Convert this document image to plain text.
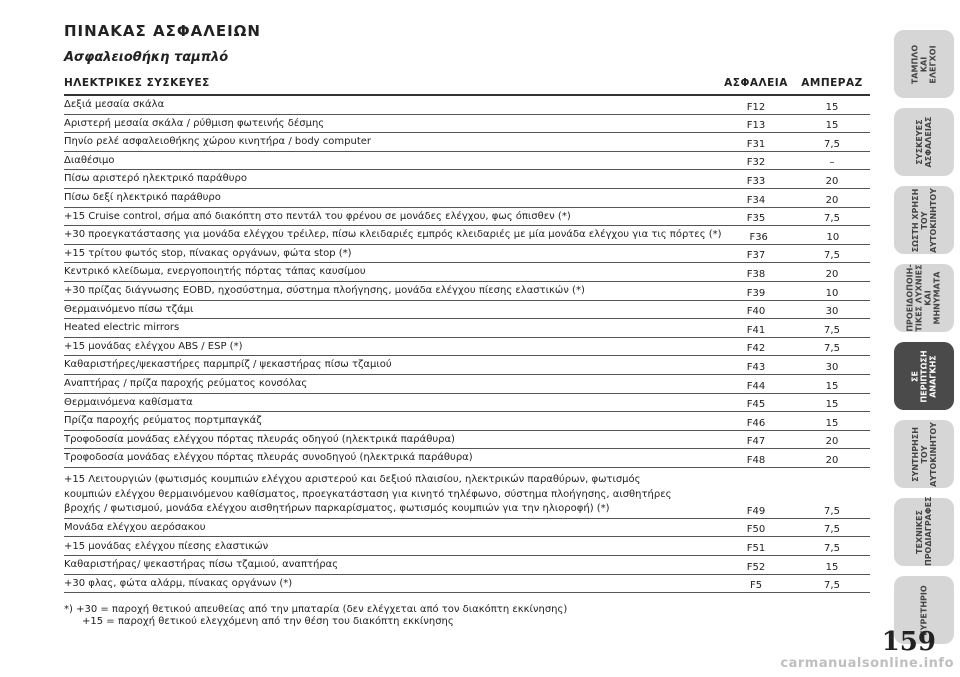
ΠΙΝΑΚΑΣ ΑΣΦΑΛΕΙΩΝ
Ασφαλειοθήκη ταμπλό
ΗΛΕΚΤΡΙΚΕΣ ΣΥΣΚΕΥΕΣ	ΑΣΦΑΛΕΙΑ	ΑΜΠΕΡΑΖ
Δεξιά μεσαία σκάλα	F12	15
Αριστερή μεσαία σκάλα / ρύθμιση φωτεινής δέσμης	F13	15
Πηνίο ρελέ ασφαλειοθήκης χώρου κινητήρα / body computer	F31	7,5
Διαθέσιμο	F32	–
Πίσω αριστερό ηλεκτρικό παράθυρο	F33	20
Πίσω δεξί ηλεκτρικό παράθυρο	F34	20
+15 Cruise control, σήμα από διακόπτη στο πεντάλ του φρένου σε μονάδες ελέγχου, φως όπισθεν (*)	F35	7,5
+30 προεγκατάστασης για μονάδα ελέγχου τρέιλερ, πίσω κλειδαριές εμπρός κλειδαριές με μία μονάδα ελέγχου για τις πόρτες (*)	F36	10
+15 τρίτου φωτός stop, πίνακας οργάνων, φώτα stop (*)	F37	7,5
Κεντρικό κλείδωμα, ενεργοποιητής πόρτας τάπας καυσίμου	F38	20
+30 πρίζας διάγνωσης EOBD, ηχοσύστημα, σύστημα πλοήγησης, μονάδα ελέγχου πίεσης ελαστικών (*)	F39	10
Θερμαινόμενο πίσω τζάμι	F40	30
Heated electric mirrors	F41	7,5
+15 μονάδας ελέγχου ABS / ESP (*)	F42	7,5
Καθαριστήρες/ψεκαστήρες παρμπρίζ / ψεκαστήρας πίσω τζαμιού	F43	30
Αναπτήρας / πρίζα παροχής ρεύματος κονσόλας	F44	15
Θερμαινόμενα καθίσματα	F45	15
Πρίζα παροχής ρεύματος πορτμπαγκάζ	F46	15
Τροφοδοσία μονάδας ελέγχου πόρτας πλευράς οδηγού (ηλεκτρικά παράθυρα)	F47	20
Τροφοδοσία μονάδας ελέγχου πόρτας πλευράς συνοδηγού (ηλεκτρικά παράθυρα)	F48	20
+15 Λειτουργιών (φωτισμός κουμπιών ελέγχου αριστερού και δεξιού πλαισίου, ηλεκτρικών παραθύρων, φωτισμός
κουμπιών ελέγχου θερμαινόμενου καθίσματος, προεγκατάσταση για κινητό τηλέφωνο, σύστημα πλοήγησης, αισθητήρες
βροχής / φωτισμού, μονάδα ελέγχου αισθητήρων παρκαρίσματος, φωτισμός κουμπιών για την ηλιοροφή) (*)	F49	7,5
Μονάδα ελέγχου αερόσακου	F50	7,5
+15 μονάδας ελέγχου πίεσης ελαστικών	F51	7,5
Καθαριστήρας/ ψεκαστήρας πίσω τζαμιού, αναπτήρας	F52	15
+30 φλας, φώτα αλάρμ, πίνακας οργάνων (*)	F5	7,5
*) +30 = παροχή θετικού απευθείας από την μπαταρία (δεν ελέγχεται από τον διακόπτη εκκίνησης)
+15 = παροχή θετικού ελεγχόμενη από την θέση του διακόπτη εκκίνησης
ΤΑΜΠΛΟ
ΚΑΙ
ΕΛΕΓΧΟΙ
ΣΥΣΚΕΥΕΣ
ΑΣΦΑΛΕΙΑΣ
ΣΩΣΤΗ ΧΡΗΣΗ
ΤΟΥ
ΑΥΤΟΚΙΝΗΤΟΥ
ΠΡΟΕΙΔΟΠΟΙΗ-
ΤΙΚΕΣ ΛΥΧΝΙΕΣ
ΚΑΙ ΜΗΝΥΜΑΤΑ
ΣΕ ΠΕΡΙΠΤΩΣΗ
ΑΝΑΓΚΗΣ
ΣΥΝΤΗΡΗΣΗ
ΤΟΥ
ΑΥΤΟΚΙΝΗΤΟΥ
ΤΕΧΝΙΚΕΣ
ΠΡΟΔΙΑΓΡΑΦΕΣ
ΕΥΡΕΤΗΡΙΟ
159
carmanualsonline.info
